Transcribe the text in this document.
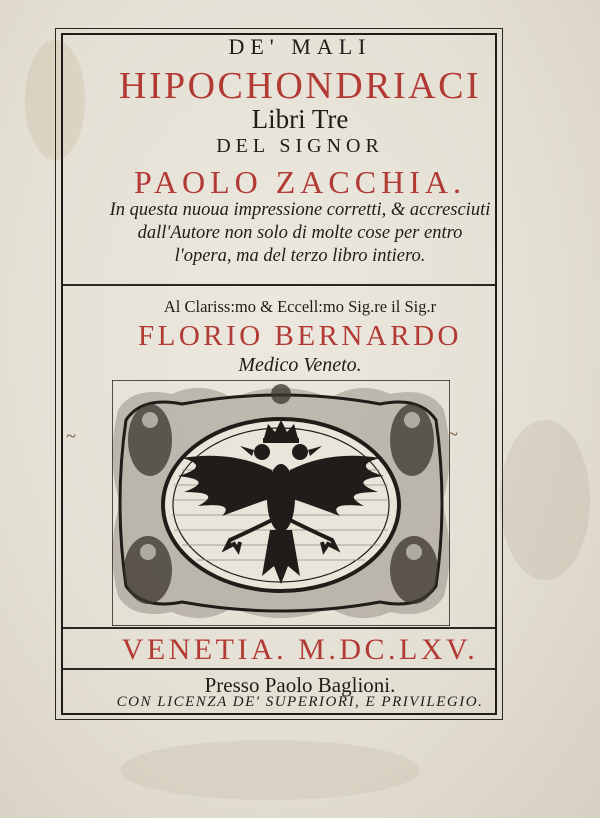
DE' MALI
HIPOCHONDRIACI
Libri Tre
DEL SIGNOR
PAOLO ZACCHIA.
In questa nuoua impressione corretti, & accresciuti
dall'Autore non solo di molte cose per entro
l'opera, ma del terzo libro intiero.
Al Clariss:mo & Eccell:mo Sig.re il Sig.r
FLORIO BERNARDO
Medico Veneto.
~	~
VENETIA. M.DC.LXV.
Presso Paolo Baglioni.
CON LICENZA DE' SUPERIORI, E PRIVILEGIO.
